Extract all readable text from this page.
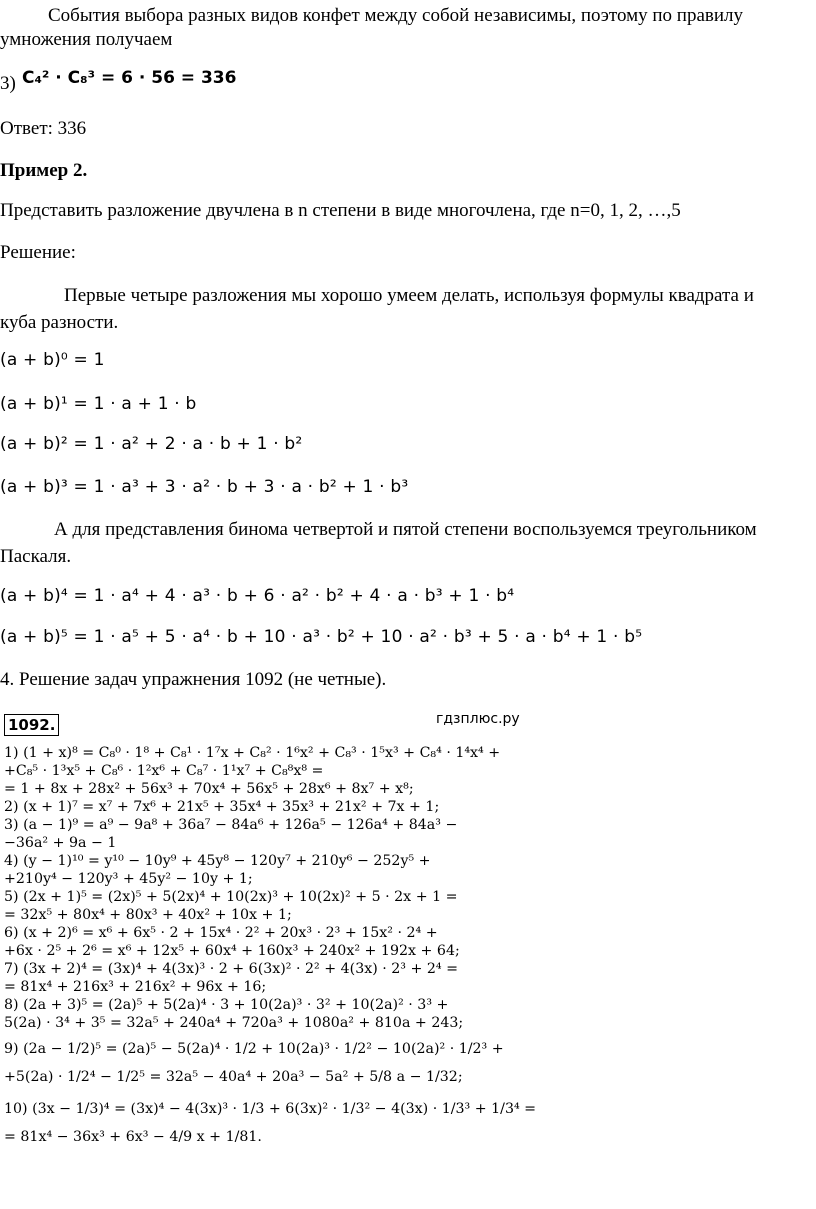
События выбора разных видов конфет между собой независимы, поэтому по правилу
умножения получаем
3) C₄² · C₈³ = 6 · 56 = 336
Ответ: 336
Пример 2.
Представить разложение двучлена в n степени в виде многочлена, где n=0, 1, 2, …,5
Решение:
Первые четыре разложения мы хорошо умеем делать, используя формулы квадрата и
куба разности.
(a + b)⁰ = 1
(a + b)¹ = 1 · a + 1 · b
(a + b)² = 1 · a² + 2 · a · b + 1 · b²
(a + b)³ = 1 · a³ + 3 · a² · b + 3 · a · b² + 1 · b³
А для представления бинома четвертой и пятой степени воспользуемся треугольником
Паскаля.
(a + b)⁴ = 1 · a⁴ + 4 · a³ · b + 6 · a² · b² + 4 · a · b³ + 1 · b⁴
(a + b)⁵ = 1 · a⁵ + 5 · a⁴ · b + 10 · a³ · b² + 10 · a² · b³ + 5 · a · b⁴ + 1 · b⁵
4. Решение задач упражнения 1092 (не четные).
1092.	гдзплюс.ру
1) (1 + x)⁸ = C₈⁰ · 1⁸ + C₈¹ · 1⁷x + C₈² · 1⁶x² + C₈³ · 1⁵x³ + C₈⁴ · 1⁴x⁴ +
+C₈⁵ · 1³x⁵ + C₈⁶ · 1²x⁶ + C₈⁷ · 1¹x⁷ + C₈⁸x⁸ =
= 1 + 8x + 28x² + 56x³ + 70x⁴ + 56x⁵ + 28x⁶ + 8x⁷ + x⁸;
2) (x + 1)⁷ = x⁷ + 7x⁶ + 21x⁵ + 35x⁴ + 35x³ + 21x² + 7x + 1;
3) (a − 1)⁹ = a⁹ − 9a⁸ + 36a⁷ − 84a⁶ + 126a⁵ − 126a⁴ + 84a³ −
−36a² + 9a − 1
4) (y − 1)¹⁰ = y¹⁰ − 10y⁹ + 45y⁸ − 120y⁷ + 210y⁶ − 252y⁵ +
+210y⁴ − 120y³ + 45y² − 10y + 1;
5) (2x + 1)⁵ = (2x)⁵ + 5(2x)⁴ + 10(2x)³ + 10(2x)² + 5 · 2x + 1 =
= 32x⁵ + 80x⁴ + 80x³ + 40x² + 10x + 1;
6) (x + 2)⁶ = x⁶ + 6x⁵ · 2 + 15x⁴ · 2² + 20x³ · 2³ + 15x² · 2⁴ +
+6x · 2⁵ + 2⁶ = x⁶ + 12x⁵ + 60x⁴ + 160x³ + 240x² + 192x + 64;
7) (3x + 2)⁴ = (3x)⁴ + 4(3x)³ · 2 + 6(3x)² · 2² + 4(3x) · 2³ + 2⁴ =
= 81x⁴ + 216x³ + 216x² + 96x + 16;
8) (2a + 3)⁵ = (2a)⁵ + 5(2a)⁴ · 3 + 10(2a)³ · 3² + 10(2a)² · 3³ +
5(2a) · 3⁴ + 3⁵ = 32a⁵ + 240a⁴ + 720a³ + 1080a² + 810a + 243;
9) (2a − 1/2)⁵ = (2a)⁵ − 5(2a)⁴ · 1/2 + 10(2a)³ · 1/2² − 10(2a)² · 1/2³ +
+5(2a) · 1/2⁴ − 1/2⁵ = 32a⁵ − 40a⁴ + 20a³ − 5a² + 5/8 a − 1/32;
10) (3x − 1/3)⁴ = (3x)⁴ − 4(3x)³ · 1/3 + 6(3x)² · 1/3² − 4(3x) · 1/3³ + 1/3⁴ =
= 81x⁴ − 36x³ + 6x³ − 4/9 x + 1/81.
